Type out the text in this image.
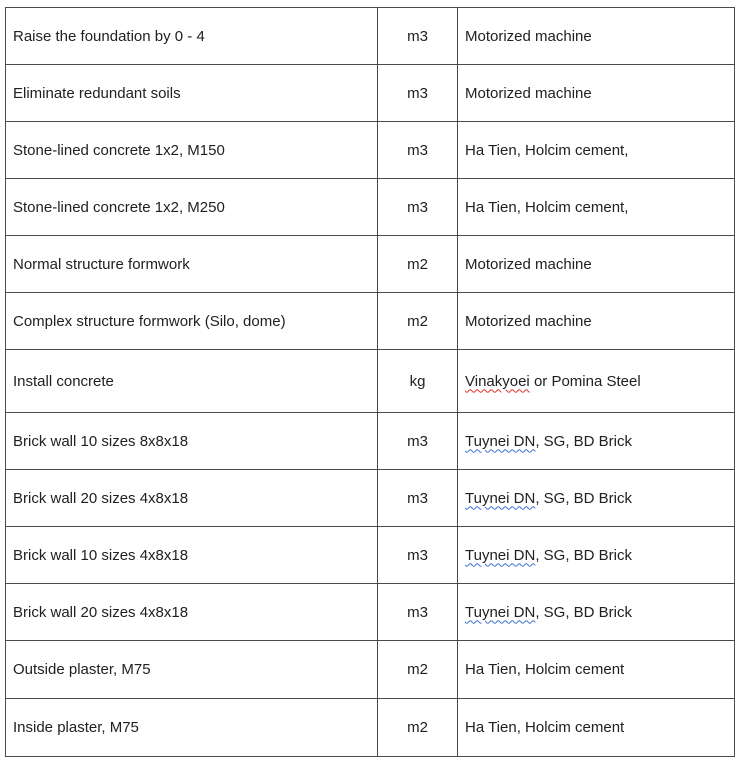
Raise the foundation by 0 - 4	m3	Motorized machine
Eliminate redundant soils	m3	Motorized machine
Stone-lined concrete 1x2, M150	m3	Ha Tien, Holcim cement,
Stone-lined concrete 1x2, M250	m3	Ha Tien, Holcim cement,
Normal structure formwork	m2	Motorized machine
Complex structure formwork (Silo, dome)	m2	Motorized machine
Install concrete	kg	Vinakyoei or Pomina Steel
Brick wall 10 sizes 8x8x18	m3	Tuynei DN, SG, BD Brick
Brick wall 20 sizes 4x8x18	m3	Tuynei DN, SG, BD Brick
Brick wall 10 sizes 4x8x18	m3	Tuynei DN, SG, BD Brick
Brick wall 20 sizes 4x8x18	m3	Tuynei DN, SG, BD Brick
Outside plaster, M75	m2	Ha Tien, Holcim cement
Inside plaster, M75	m2	Ha Tien, Holcim cement
